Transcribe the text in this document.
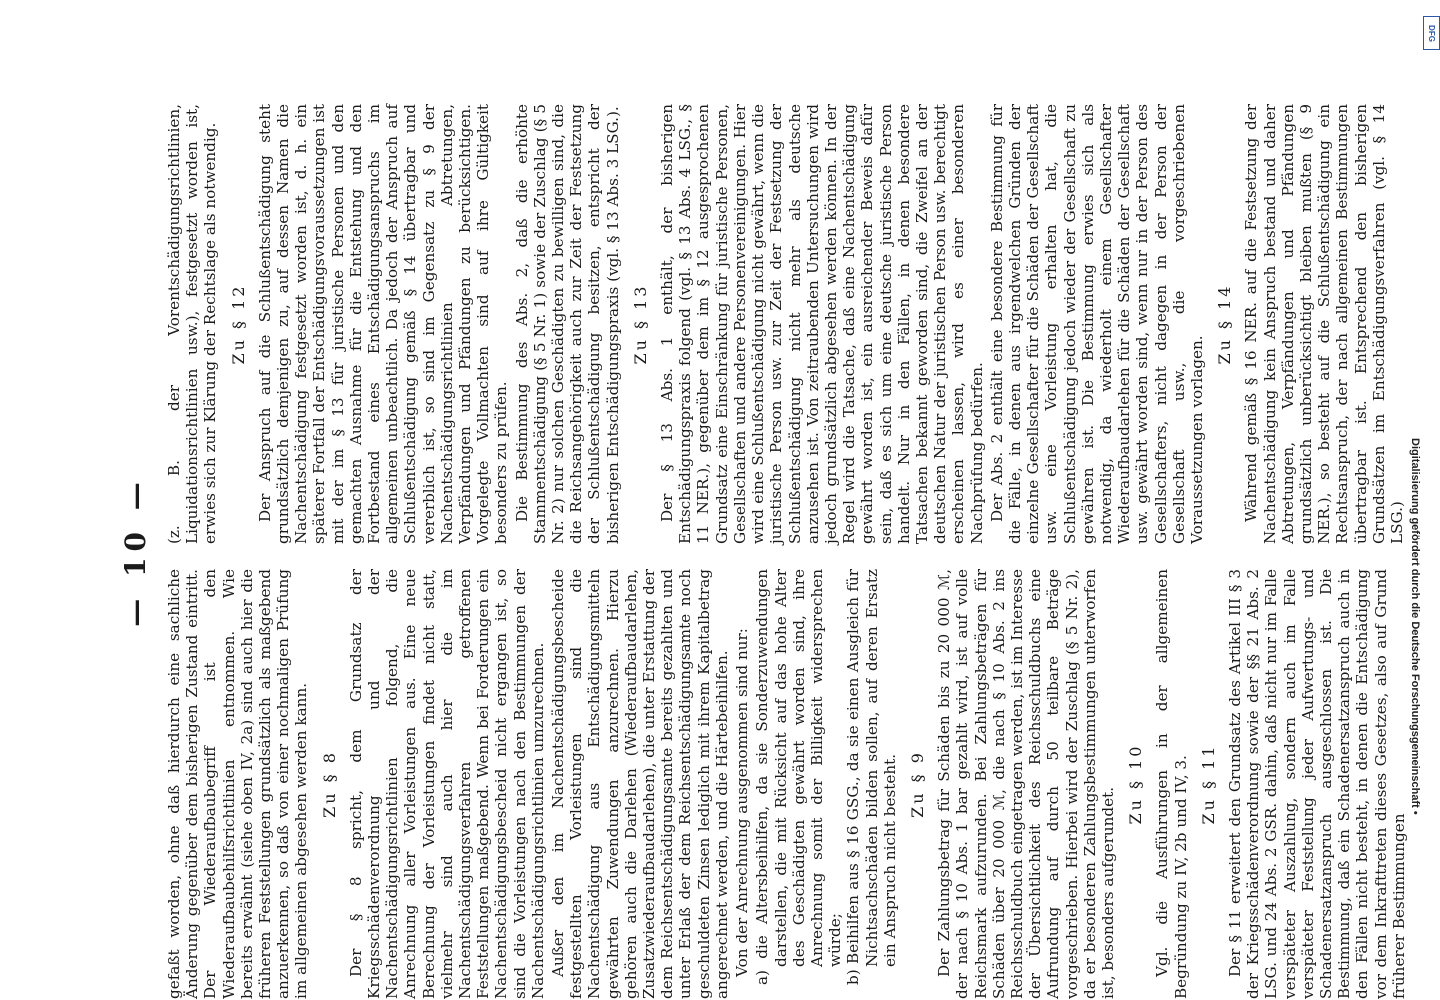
— 10 —

gefaßt worden, ohne daß hierdurch eine sachliche Änderung gegenüber dem bisherigen Zustand eintritt. Der Wiederaufbaubegriff ist den Wiederaufbaubehilfsrichtlinien entnommen. Wie bereits erwähnt (siehe oben IV, 2a) sind auch hier die früheren Feststellungen grundsätzlich als maßgebend anzuerkennen, so daß von einer nochmaligen Prüfung im allgemeinen abgesehen werden kann. Zu § 8 Der § 8 spricht, dem Grundsatz der Kriegsschädenverordnung und der Nachentschädigungsrichtlinien folgend, die Anrechnung aller Vorleistungen aus. Eine neue Berechnung der Vorleistungen findet nicht statt, vielmehr sind auch hier die im Nachentschädigungsverfahren getroffenen Feststellungen maßgebend. Wenn bei Forderungen ein Nachentschädigungsbescheid nicht ergangen ist, so sind die Vorleistungen nach den Bestimmungen der Nachentschädigungsrichtlinien umzurechnen. Außer den im Nachentschädigungsbescheide festgestellten Vorleistungen sind die Nachentschädigung aus Entschädigungsmitteln gewährten Zuwendungen anzurechnen. Hierzu gehören auch die Darlehen (Wiederaufbaudarlehen, Zusatzwiederaufbaudarlehen), die unter Erstattung der dem Reichsentschädigungsamte bereits gezahlten und unter Erlaß der dem Reichsentschädigungsamte noch geschuldeten Zinsen lediglich mit ihrem Kapitalbetrag angerechnet werden, und die Härtebeihilfen. Von der Anrechnung ausgenommen sind nur: a) die Altersbeihilfen, da sie Sonderzuwendungen darstellen, die mit Rücksicht auf das hohe Alter des Geschädigten gewährt worden sind, ihre Anrechnung somit der Billigkeit widersprechen würde; b) Beihilfen aus § 16 GSG., da sie einen Ausgleich für Nichtsachschäden bilden sollen, auf deren Ersatz ein Anspruch nicht besteht. Zu § 9 Der Zahlungsbetrag für Schäden bis zu 20 000 ℳ, der nach § 10 Abs. 1 bar gezahlt wird, ist auf volle Reichsmark aufzurunden. Bei Zahlungsbeträgen für Schäden über 20 000 ℳ, die nach § 10 Abs. 2 ins Reichsschuldbuch eingetragen werden, ist im Interesse der Übersichtlichkeit des Reichsschuldbuchs eine Aufrundung auf durch 50 teilbare Beträge vorgeschrieben. Hierbei wird der Zuschlag (§ 5 Nr. 2), da er besonderen Zahlungsbestimmungen unterworfen ist, besonders aufgerundet.

Zu § 10 Vgl. die Ausführungen in der allgemeinen Begründung zu IV, 2b und IV, 3. Zu § 11 Der § 11 erweitert den Grundsatz des Artikel III § 3 der Kriegsschädenverordnung sowie der §§ 21 Abs. 2 LSG. und 24 Abs. 2 GSR. dahin, daß nicht nur im Falle verspäteter Auszahlung, sondern auch im Falle verspäteter Feststellung jeder Aufwertungs- und Schadenersatzanspruch ausgeschlossen ist. Die Bestimmung, daß ein Schadenersatzanspruch auch in den Fällen nicht besteht, in denen die Entschädigung vor dem Inkrafttreten dieses Gesetzes, also auf Grund früherer Bestimmungen

(z. B. der Vorentschädigungsrichtlinien, Liquidationsrichtlinien usw.), festgesetzt worden ist, erwies sich zur Klärung der Rechtslage als notwendig. Zu § 12 Der Anspruch auf die Schlußentschädigung steht grundsätzlich demjenigen zu, auf dessen Namen die Nachentschädigung festgesetzt worden ist, d. h. ein späterer Fortfall der Entschädigungsvoraussetzungen ist mit der im § 13 für juristische Personen und den gemachten Ausnahme für die Entstehung und den Fortbestand eines Entschädigungsanspruchs im allgemeinen unbeachtlich. Da jedoch der Anspruch auf Schlußentschädigung gemäß § 14 übertragbar und vererblich ist, so sind im Gegensatz zu § 9 der Nachentschädigungsrichtlinien Abtretungen, Verpfändungen und Pfändungen zu berücksichtigen. Vorgelegte Vollmachten sind auf ihre Gültigkeit besonders zu prüfen. Die Bestimmung des Abs. 2, daß die erhöhte Stammentschädigung (§ 5 Nr. 1) sowie der Zuschlag (§ 5 Nr. 2) nur solchen Geschädigten zu bewilligen sind, die die Reichsangehörigkeit auch zur Zeit der Festsetzung der Schlußentschädigung besitzen, entspricht der bisherigen Entschädigungspraxis (vgl. § 13 Abs. 3 LSG.). Zu § 13 Der § 13 Abs. 1 enthält, der bisherigen Entschädigungspraxis folgend (vgl. § 13 Abs. 4 LSG., § 11 NER.), gegenüber dem im § 12 ausgesprochenen Grundsatz eine Einschränkung für juristische Personen, Gesellschaften und andere Personenvereinigungen. Hier wird eine Schlußentschädigung nicht gewährt, wenn die juristische Person usw. zur Zeit der Festsetzung der Schlußentschädigung nicht mehr als deutsche anzusehen ist. Von zeitraubenden Untersuchungen wird jedoch grundsätzlich abgesehen werden können. In der Regel wird die Tatsache, daß eine Nachentschädigung gewährt worden ist, ein ausreichender Beweis dafür sein, daß es sich um eine deutsche juristische Person handelt. Nur in den Fällen, in denen besondere Tatsachen bekannt geworden sind, die Zweifel an der deutschen Natur der juristischen Person usw. berechtigt erscheinen lassen, wird es einer besonderen Nachprüfung bedürfen. Der Abs. 2 enthält eine besondere Bestimmung für die Fälle, in denen aus irgendwelchen Gründen der einzelne Gesellschafter für die Schäden der Gesellschaft usw. eine Vorleistung erhalten hat, die Schlußentschädigung jedoch wieder der Gesellschaft zu gewähren ist. Die Bestimmung erwies sich als notwendig, da wiederholt einem Gesellschafter Wiederaufbaudarlehen für die Schäden der Gesellschaft usw. gewährt worden sind, wenn nur in der Person des Gesellschafters, nicht dagegen in der Person der Gesellschaft usw., die vorgeschriebenen Voraussetzungen vorlagen.

Zu § 14 Während gemäß § 16 NER. auf die Festsetzung der Nachentschädigung kein Anspruch bestand und daher Abtretungen, Verpfändungen und Pfändungen grundsätzlich unberücksichtigt bleiben mußten (§ 9 NER.), so besteht auf die Schlußentschädigung ein Rechtsanspruch, der nach allgemeinen Bestimmungen übertragbar ist. Entsprechend den bisherigen Grundsätzen im Entschädigungsverfahren (vgl. § 14 LSG.)

DFG
Digitalisierung gefördert durch die Deutsche Forschungsgemeinschaft •
